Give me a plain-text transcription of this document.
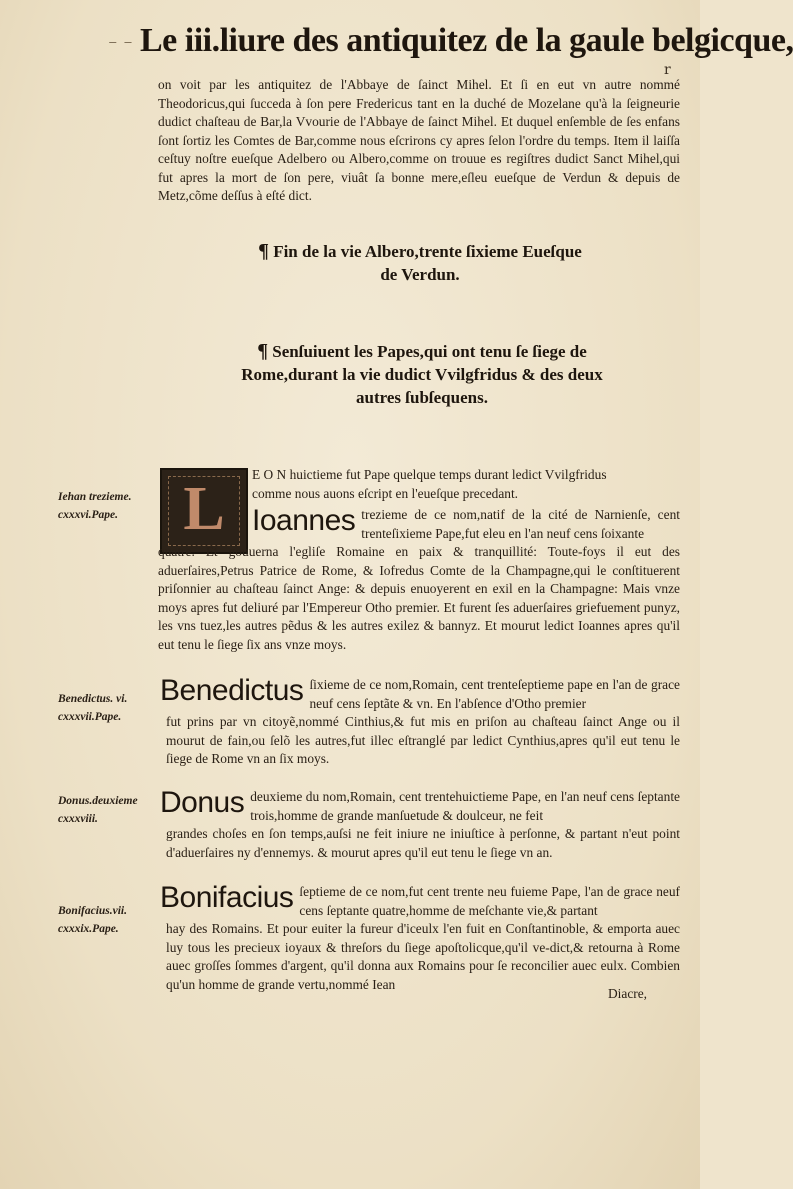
⁻ ⁻ Le iii.liure des antiquitez de la gaule belgicque,
r
on voit par les antiquitez de l'Abbaye de ſainct Mihel. Et ſi en eut vn autre nommé Theodoricus,qui ſucceda à ſon pere Fredericus tant en la duché de Mozelane qu'à la ſeigneurie dudict chaſteau de Bar,la Vvourie de l'Abbaye de ſainct Mihel. Et duquel enſemble de ſes enfans ſont ſortiz les Comtes de Bar,comme nous eſcrirons cy apres ſelon l'ordre du temps. Item il laiſſa ceſtuy noſtre eueſque Adelbero ou Albero,comme on trouue es regiſtres dudict Sanct Mihel,qui fut apres la mort de ſon pere, viuât ſa bonne mere,eſleu eueſque de Verdun & depuis de Metz,cõme deſſus à eſté dict.
¶ Fin de la vie Albero,trente ſixieme Eueſque de Verdun.
¶ Senſuiuent les Papes,qui ont tenu ſe ſiege de Rome,durant la vie dudict Vvilgfridus & des deux autres ſubſequens.
Iehan trezieme. cxxxvi.Pape.	L
E O N huictieme fut Pape quelque temps durant ledict Vvilgfridus
comme nous auons eſcript en l'eueſque precedant.
Ioannes trezieme de ce nom,natif de la cité de Narnienſe, cent trenteſixieme Pape,fut eleu en l'an neuf cens ſoixante
quatre. Et gouuerna l'egliſe Romaine en paix & tranquillité: Toute-foys il eut des aduerſaires,Petrus Patrice de Rome, & Iofredus Comte de la Champagne,qui le conſtituerent priſonnier au chaſteau ſainct Ange: & depuis enuoyerent en exil en la Champagne: Mais vnze moys apres fut deliuré par l'Empereur Otho premier. Et furent ſes aduerſaires griefuement punyz, les vns tuez,les autres pẽdus & les autres exilez & bannyz. Et mourut ledict Ioannes apres qu'il eut tenu le ſiege ſix ans vnze moys.
Benedictus. vi. cxxxvii.Pape.
Benedictus ſixieme de ce nom,Romain, cent trenteſeptieme pape en l'an de grace neuf cens ſeptãte & vn. En l'abſence d'Otho premier
fut prins par vn citoyẽ,nommé Cinthius,& fut mis en priſon au chaſteau ſainct Ange ou il mourut de fain,ou ſelõ les autres,fut illec eſtranglé par ledict Cynthius,apres qu'il eut tenu le ſiege de Rome vn an ſix moys.
Donus.deuxieme cxxxviii.	Donus deuxieme du nom,Romain, cent trentehuictieme Pape, en l'an neuf cens ſeptante trois,homme de grande manſuetude & doulceur, ne feit
grandes choſes en ſon temps,auſsi ne feit iniure ne iniuſtice à perſonne, & partant n'eut point d'aduerſaires ny d'ennemys. & mourut apres qu'il eut tenu le ſiege vn an.
Bonifacius.vii. cxxxix.Pape.
Bonifacius ſeptieme de ce nom,fut cent trente neu fuieme Pape, l'an de grace neuf cens ſeptante quatre,homme de meſchante vie,& partant
hay des Romains. Et pour euiter la fureur d'iceulx l'en fuit en Conſtantinoble, & emporta auec luy tous les precieux ioyaux & threſors du ſiege apoſtolicque,qu'il ve-dict,& retourna à Rome auec groſſes ſommes d'argent, qu'il donna aux Romains pour ſe reconcilier auec eulx. Combien qu'un homme de grande vertu,nommé Iean
Diacre,
